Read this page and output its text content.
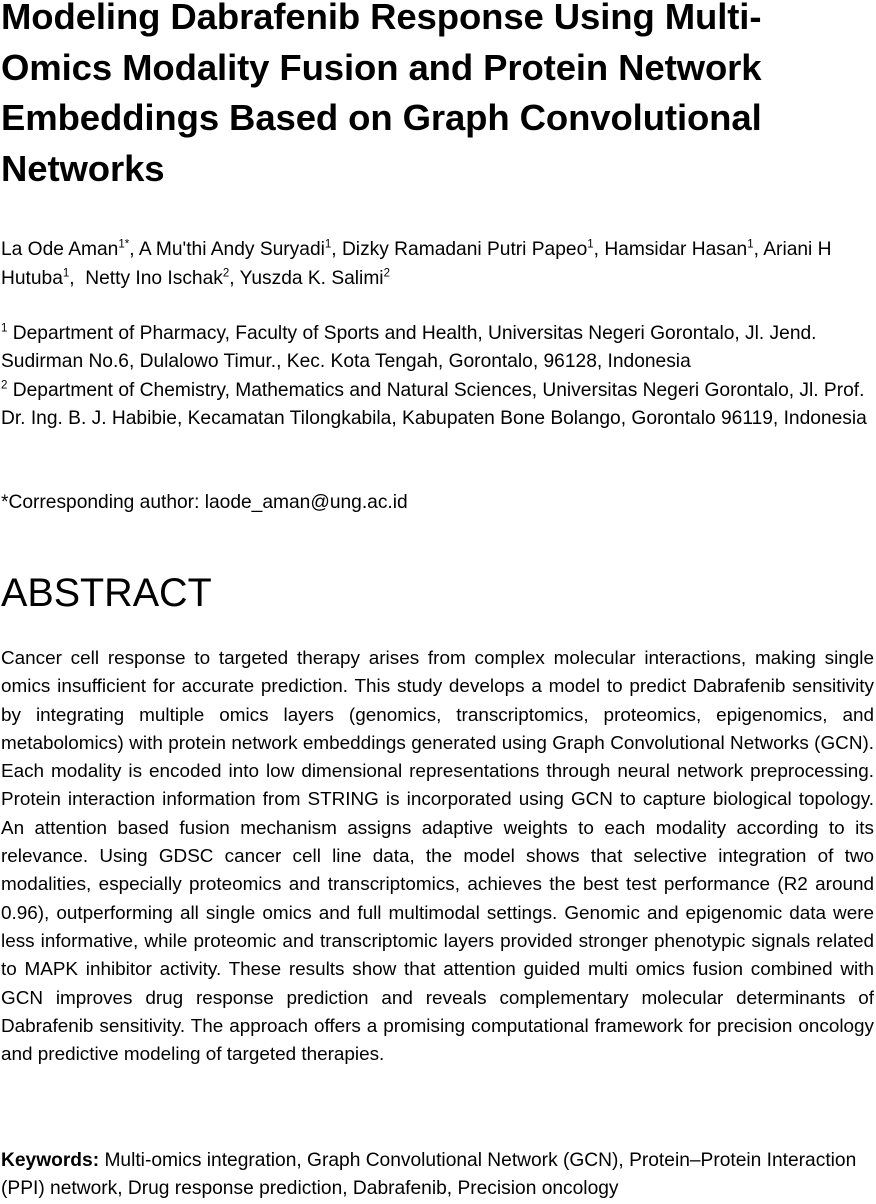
Modeling Dabrafenib Response Using Multi-Omics Modality Fusion and Protein Network Embeddings Based on Graph Convolutional Networks

La Ode Aman$^{1*}$, A Mu'thi Andy Suryadi$^1$, Dizky Ramadani Putri Papeo$^1$, Hamsidar Hasan$^1$, Ariani H Hutuba$^1$,  Netty Ino Ischak$^2$, Yuszda K. Salimi$^2$

$^1$ Department of Pharmacy, Faculty of Sports and Health, Universitas Negeri Gorontalo, Jl. Jend. Sudirman No.6, Dulalowo Timur., Kec. Kota Tengah, Gorontalo, 96128, Indonesia

$^2$ Department of Chemistry, Mathematics and Natural Sciences, Universitas Negeri Gorontalo, Jl. Prof. Dr. Ing. B. J. Habibie, Kecamatan Tilongkabila, Kabupaten Bone Bolango, Gorontalo 96119, Indonesia

*Corresponding author: laode_aman@ung.ac.id

ABSTRACT

Cancer cell response to targeted therapy arises from complex molecular interactions, making single omics insufficient for accurate prediction. This study develops a model to predict Dabrafenib sensitivity by integrating multiple omics layers (genomics, transcriptomics, proteomics, epigenomics, and metabolomics) with protein network embeddings generated using Graph Convolutional Networks (GCN). Each modality is encoded into low dimensional representations through neural network preprocessing. Protein interaction information from STRING is incorporated using GCN to capture biological topology. An attention based fusion mechanism assigns adaptive weights to each modality according to its relevance. Using GDSC cancer cell line data, the model shows that selective integration of two modalities, especially proteomics and transcriptomics, achieves the best test performance (R2 around 0.96), outperforming all single omics and full multimodal settings. Genomic and epigenomic data were less informative, while proteomic and transcriptomic layers provided stronger phenotypic signals related to MAPK inhibitor activity. These results show that attention guided multi omics fusion combined with GCN improves drug response prediction and reveals complementary molecular determinants of Dabrafenib sensitivity. The approach offers a promising computational framework for precision oncology and predictive modeling of targeted therapies.

Keywords: Multi-omics integration, Graph Convolutional Network (GCN), Protein–Protein Interaction (PPI) network, Drug response prediction, Dabrafenib, Precision oncology
